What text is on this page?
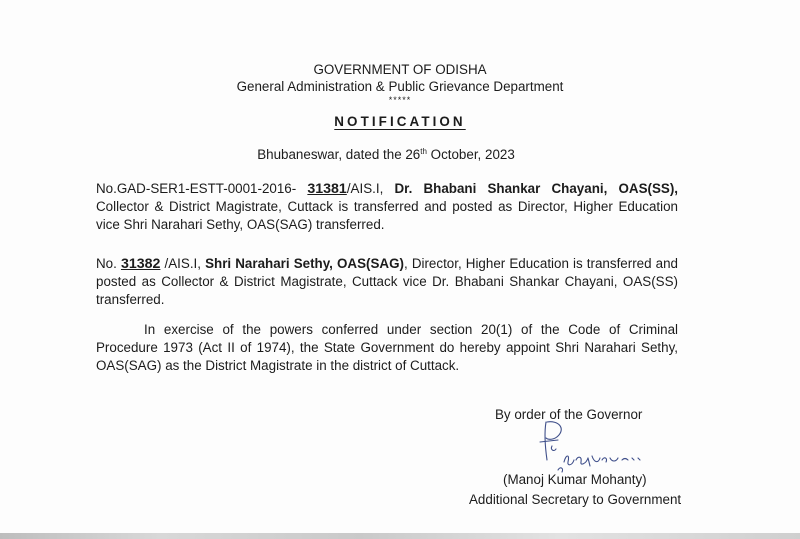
GOVERNMENT OF ODISHA
General Administration & Public Grievance Department
*****
NOTIFICATION
Bhubaneswar, dated the 26th October, 2023
No.GAD-SER1-ESTT-0001-2016- 31381/AIS.I, Dr. Bhabani Shankar Chayani, OAS(SS), Collector & District Magistrate, Cuttack is transferred and posted as Director, Higher Education vice Shri Narahari Sethy, OAS(SAG) transferred.
No. 31382 /AIS.I, Shri Narahari Sethy, OAS(SAG), Director, Higher Education is transferred and posted as Collector & District Magistrate, Cuttack vice Dr. Bhabani Shankar Chayani, OAS(SS) transferred.
In exercise of the powers conferred under section 20(1) of the Code of Criminal Procedure 1973 (Act II of 1974), the State Government do hereby appoint Shri Narahari Sethy, OAS(SAG) as the District Magistrate in the district of Cuttack.
By order of the Governor
(Manoj Kumar Mohanty)
Additional Secretary to Government
